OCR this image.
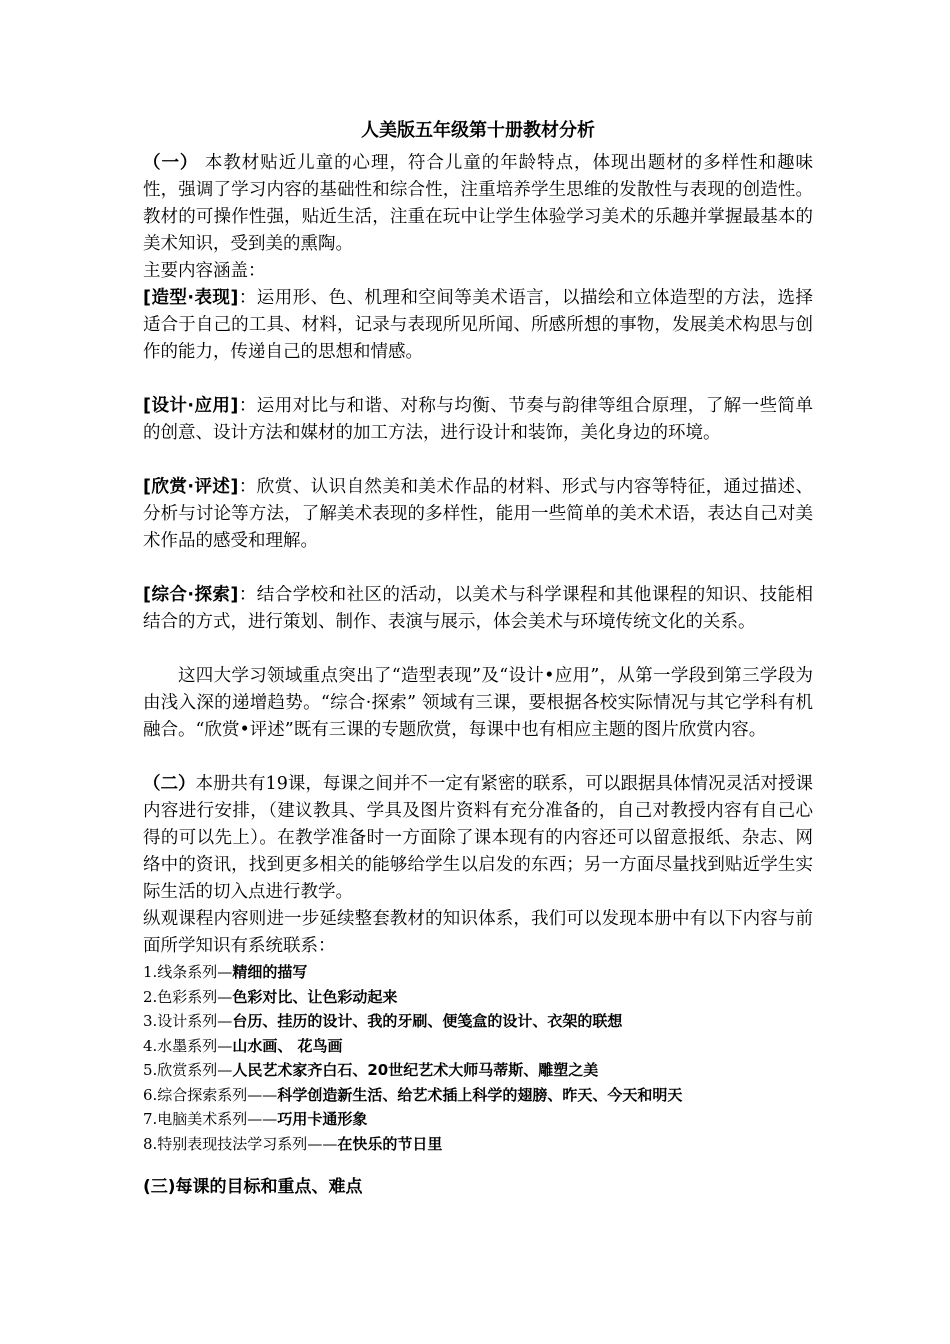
人美版五年级第十册教材分析

（一） 本教材贴近儿童的心理，符合儿童的年龄特点，体现出题材的多样性和趣味性，强调了学习内容的基础性和综合性，注重培养学生思维的发散性与表现的创造性。教材的可操作性强，贴近生活，注重在玩中让学生体验学习美术的乐趣并掌握最基本的美术知识，受到美的熏陶。

主要内容涵盖：

[造型·表现]：运用形、色、机理和空间等美术语言，以描绘和立体造型的方法，选择适合于自己的工具、材料，记录与表现所见所闻、所感所想的事物，发展美术构思与创作的能力，传递自己的思想和情感。

[设计·应用]：运用对比与和谐、对称与均衡、节奏与韵律等组合原理，了解一些简单的创意、设计方法和媒材的加工方法，进行设计和装饰，美化身边的环境。

[欣赏·评述]：欣赏、认识自然美和美术作品的材料、形式与内容等特征，通过描述、分析与讨论等方法，了解美术表现的多样性，能用一些简单的美术术语，表达自己对美术作品的感受和理解。

[综合·探索]：结合学校和社区的活动，以美术与科学课程和其他课程的知识、技能相结合的方式，进行策划、制作、表演与展示，体会美术与环境传统文化的关系。

这四大学习领域重点突出了“造型表现”及“设计•应用”，从第一学段到第三学段为由浅入深的递增趋势。“综合·探索” 领域有三课，要根据各校实际情况与其它学科有机融合。“欣赏•评述”既有三课的专题欣赏，每课中也有相应主题的图片欣赏内容。

（二）本册共有19课，每课之间并不一定有紧密的联系，可以跟据具体情况灵活对授课内容进行安排，（建议教具、学具及图片资料有充分准备的，自己对教授内容有自己心得的可以先上）。在教学准备时一方面除了课本现有的内容还可以留意报纸、杂志、网络中的资讯，找到更多相关的能够给学生以启发的东西；另一方面尽量找到贴近学生实际生活的切入点进行教学。

纵观课程内容则进一步延续整套教材的知识体系，我们可以发现本册中有以下内容与前面所学知识有系统联系：

1.线条系列—精细的描写
2.色彩系列—色彩对比、让色彩动起来
3.设计系列—台历、挂历的设计、我的牙刷、便笺盒的设计、衣架的联想
4.水墨系列—山水画、 花鸟画
5.欣赏系列—人民艺术家齐白石、20世纪艺术大师马蒂斯、雕塑之美
6.综合探索系列——科学创造新生活、给艺术插上科学的翅膀、昨天、今天和明天
7.电脑美术系列——巧用卡通形象
8.特别表现技法学习系列——在快乐的节日里
(三)每课的目标和重点、难点
